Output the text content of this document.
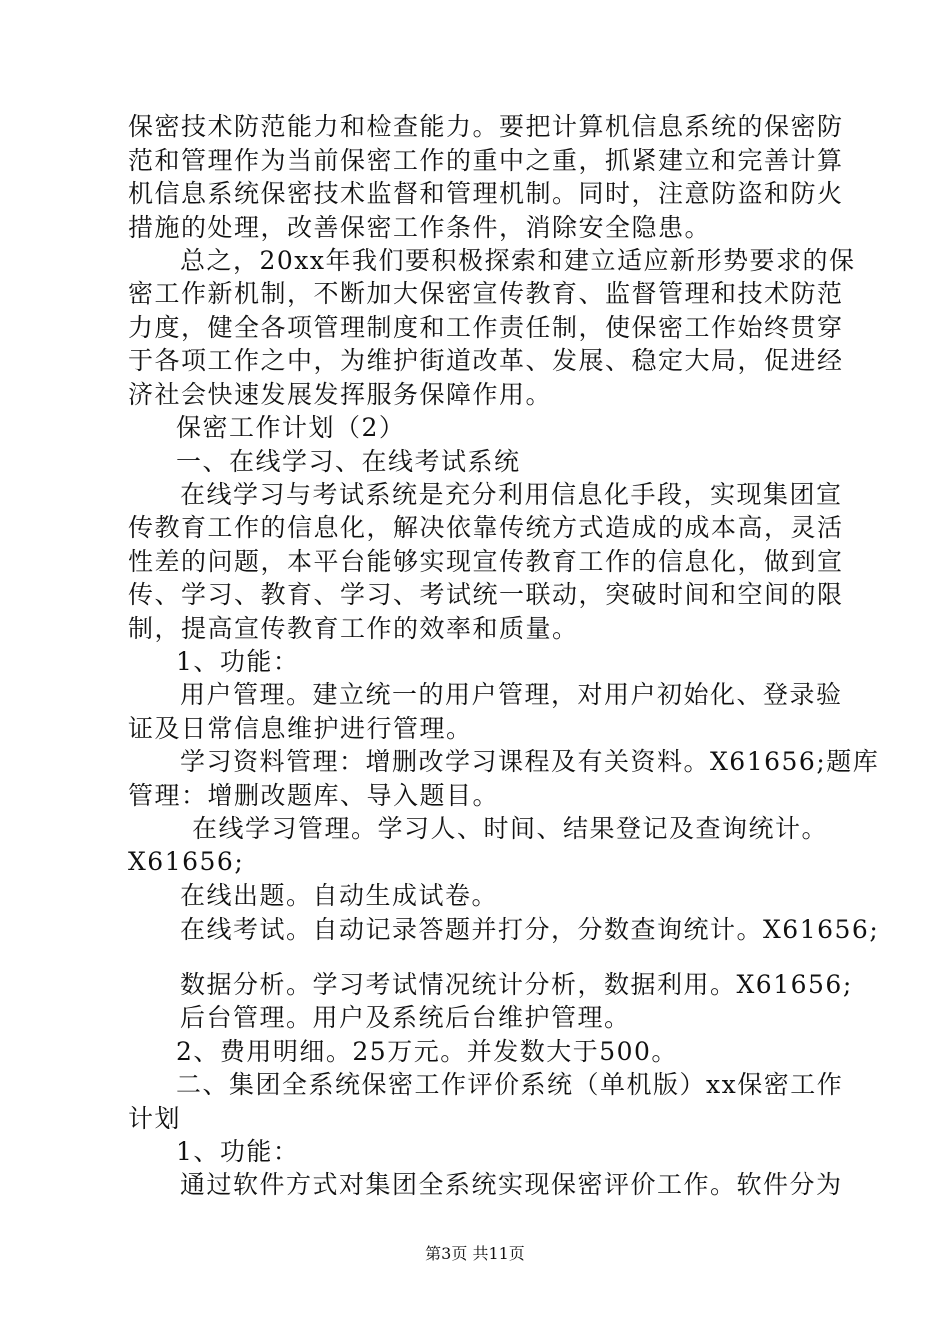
保密技术防范能力和检查能力。要把计算机信息系统的保密防
范和管理作为当前保密工作的重中之重，抓紧建立和完善计算
机信息系统保密技术监督和管理机制。同时，注意防盗和防火
措施的处理，改善保密工作条件，消除安全隐患。
总之，20xx年我们要积极探索和建立适应新形势要求的保
密工作新机制，不断加大保密宣传教育、监督管理和技术防范
力度，健全各项管理制度和工作责任制，使保密工作始终贯穿
于各项工作之中，为维护街道改革、发展、稳定大局，促进经
济社会快速发展发挥服务保障作用。
保密工作计划（2）
一、在线学习、在线考试系统
在线学习与考试系统是充分利用信息化手段，实现集团宣
传教育工作的信息化，解决依靠传统方式造成的成本高，灵活
性差的问题，本平台能够实现宣传教育工作的信息化，做到宣
传、学习、教育、学习、考试统一联动，突破时间和空间的限
制，提高宣传教育工作的效率和质量。
1、功能：
用户管理。建立统一的用户管理，对用户初始化、登录验
证及日常信息维护进行管理。
学习资料管理：增删改学习课程及有关资料。X61656;题库
管理：增删改题库、导入题目。
在线学习管理。学习人、时间、结果登记及查询统计。
X61656;
在线出题。自动生成试卷。
在线考试。自动记录答题并打分，分数查询统计。X61656;
数据分析。学习考试情况统计分析，数据利用。X61656;
后台管理。用户及系统后台维护管理。
2、费用明细。25万元。并发数大于500。
二、集团全系统保密工作评价系统（单机版）xx保密工作
计划
1、功能：
通过软件方式对集团全系统实现保密评价工作。软件分为
第3页 共11页
